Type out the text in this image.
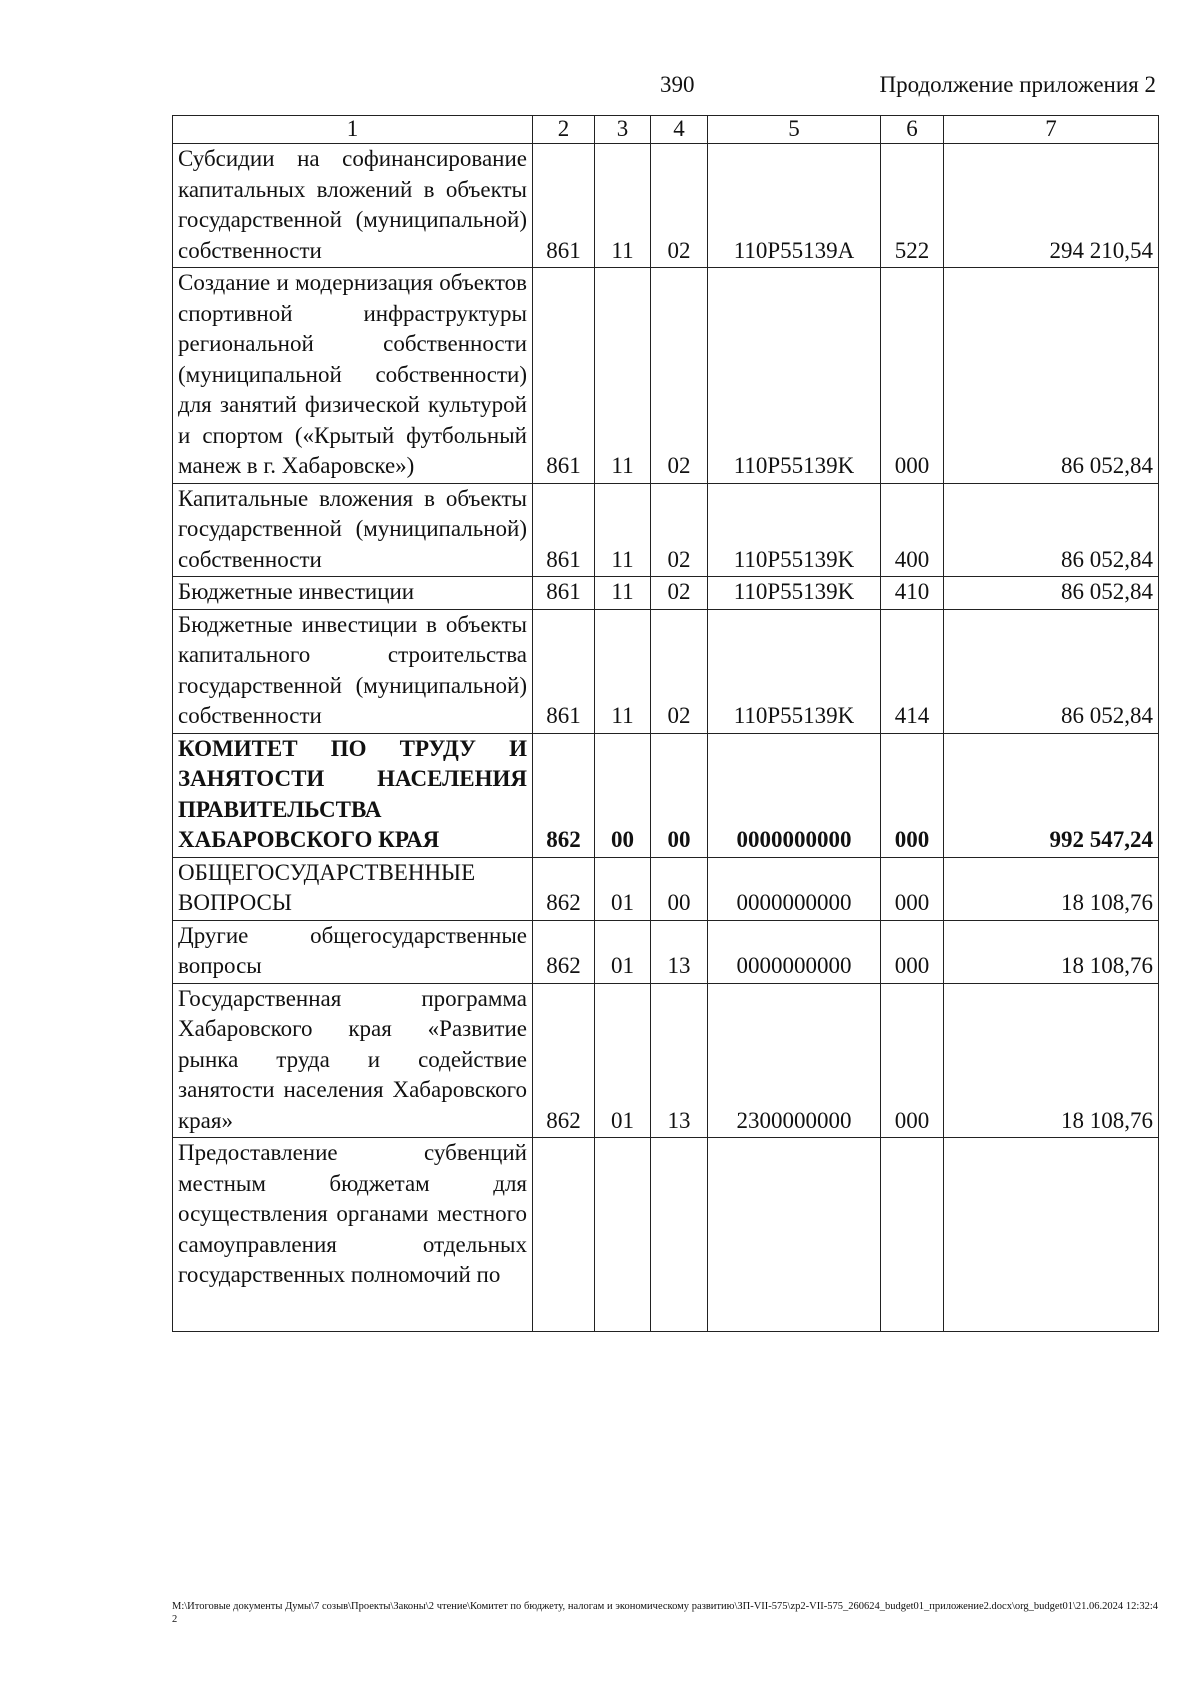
390	Продолжение приложения 2
1	2	3	4	5	6	7
Субсидии на софинансирование капитальных вложений в объекты государственной (муниципальной) собственности	861	11	02	110P55139A	522	294 210,54
Создание и модернизация объектов спортивной инфраструктуры региональной собственности (муниципальной собственности) для занятий физической культурой и спортом («Крытый футбольный манеж в г. Хабаровске»)	861	11	02	110P55139K	000	86 052,84
Капитальные вложения в объекты государственной (муниципальной) собственности	861	11	02	110P55139K	400	86 052,84
Бюджетные инвестиции	861	11	02	110P55139K	410	86 052,84
Бюджетные инвестиции в объекты капитального строительства государственной (муниципальной) собственности	861	11	02	110P55139K	414	86 052,84
КОМИТЕТ ПО ТРУДУ И ЗАНЯТОСТИ НАСЕЛЕНИЯ ПРАВИТЕЛЬСТВА ХАБАРОВСКОГО КРАЯ	862	00	00	0000000000	000	992 547,24
ОБЩЕГОСУДАРСТВЕННЫЕ ВОПРОСЫ	862	01	00	0000000000	000	18 108,76
Другие общегосударственные вопросы	862	01	13	0000000000	000	18 108,76
Государственная программа Хабаровского края «Развитие рынка труда и содействие занятости населения Хабаровского края»	862	01	13	2300000000	000	18 108,76
Предоставление субвенций местным бюджетам для осуществления органами местного самоуправления отдельных государственных полномочий по						
М:\Итоговые документы Думы\7 созыв\Проекты\Законы\2 чтение\Комитет по бюджету, налогам и экономическому развитию\ЗП-VII-575\zp2-VII-575_260624_budget01_приложение2.docx\org_budget01\21.06.2024 12:32:42
